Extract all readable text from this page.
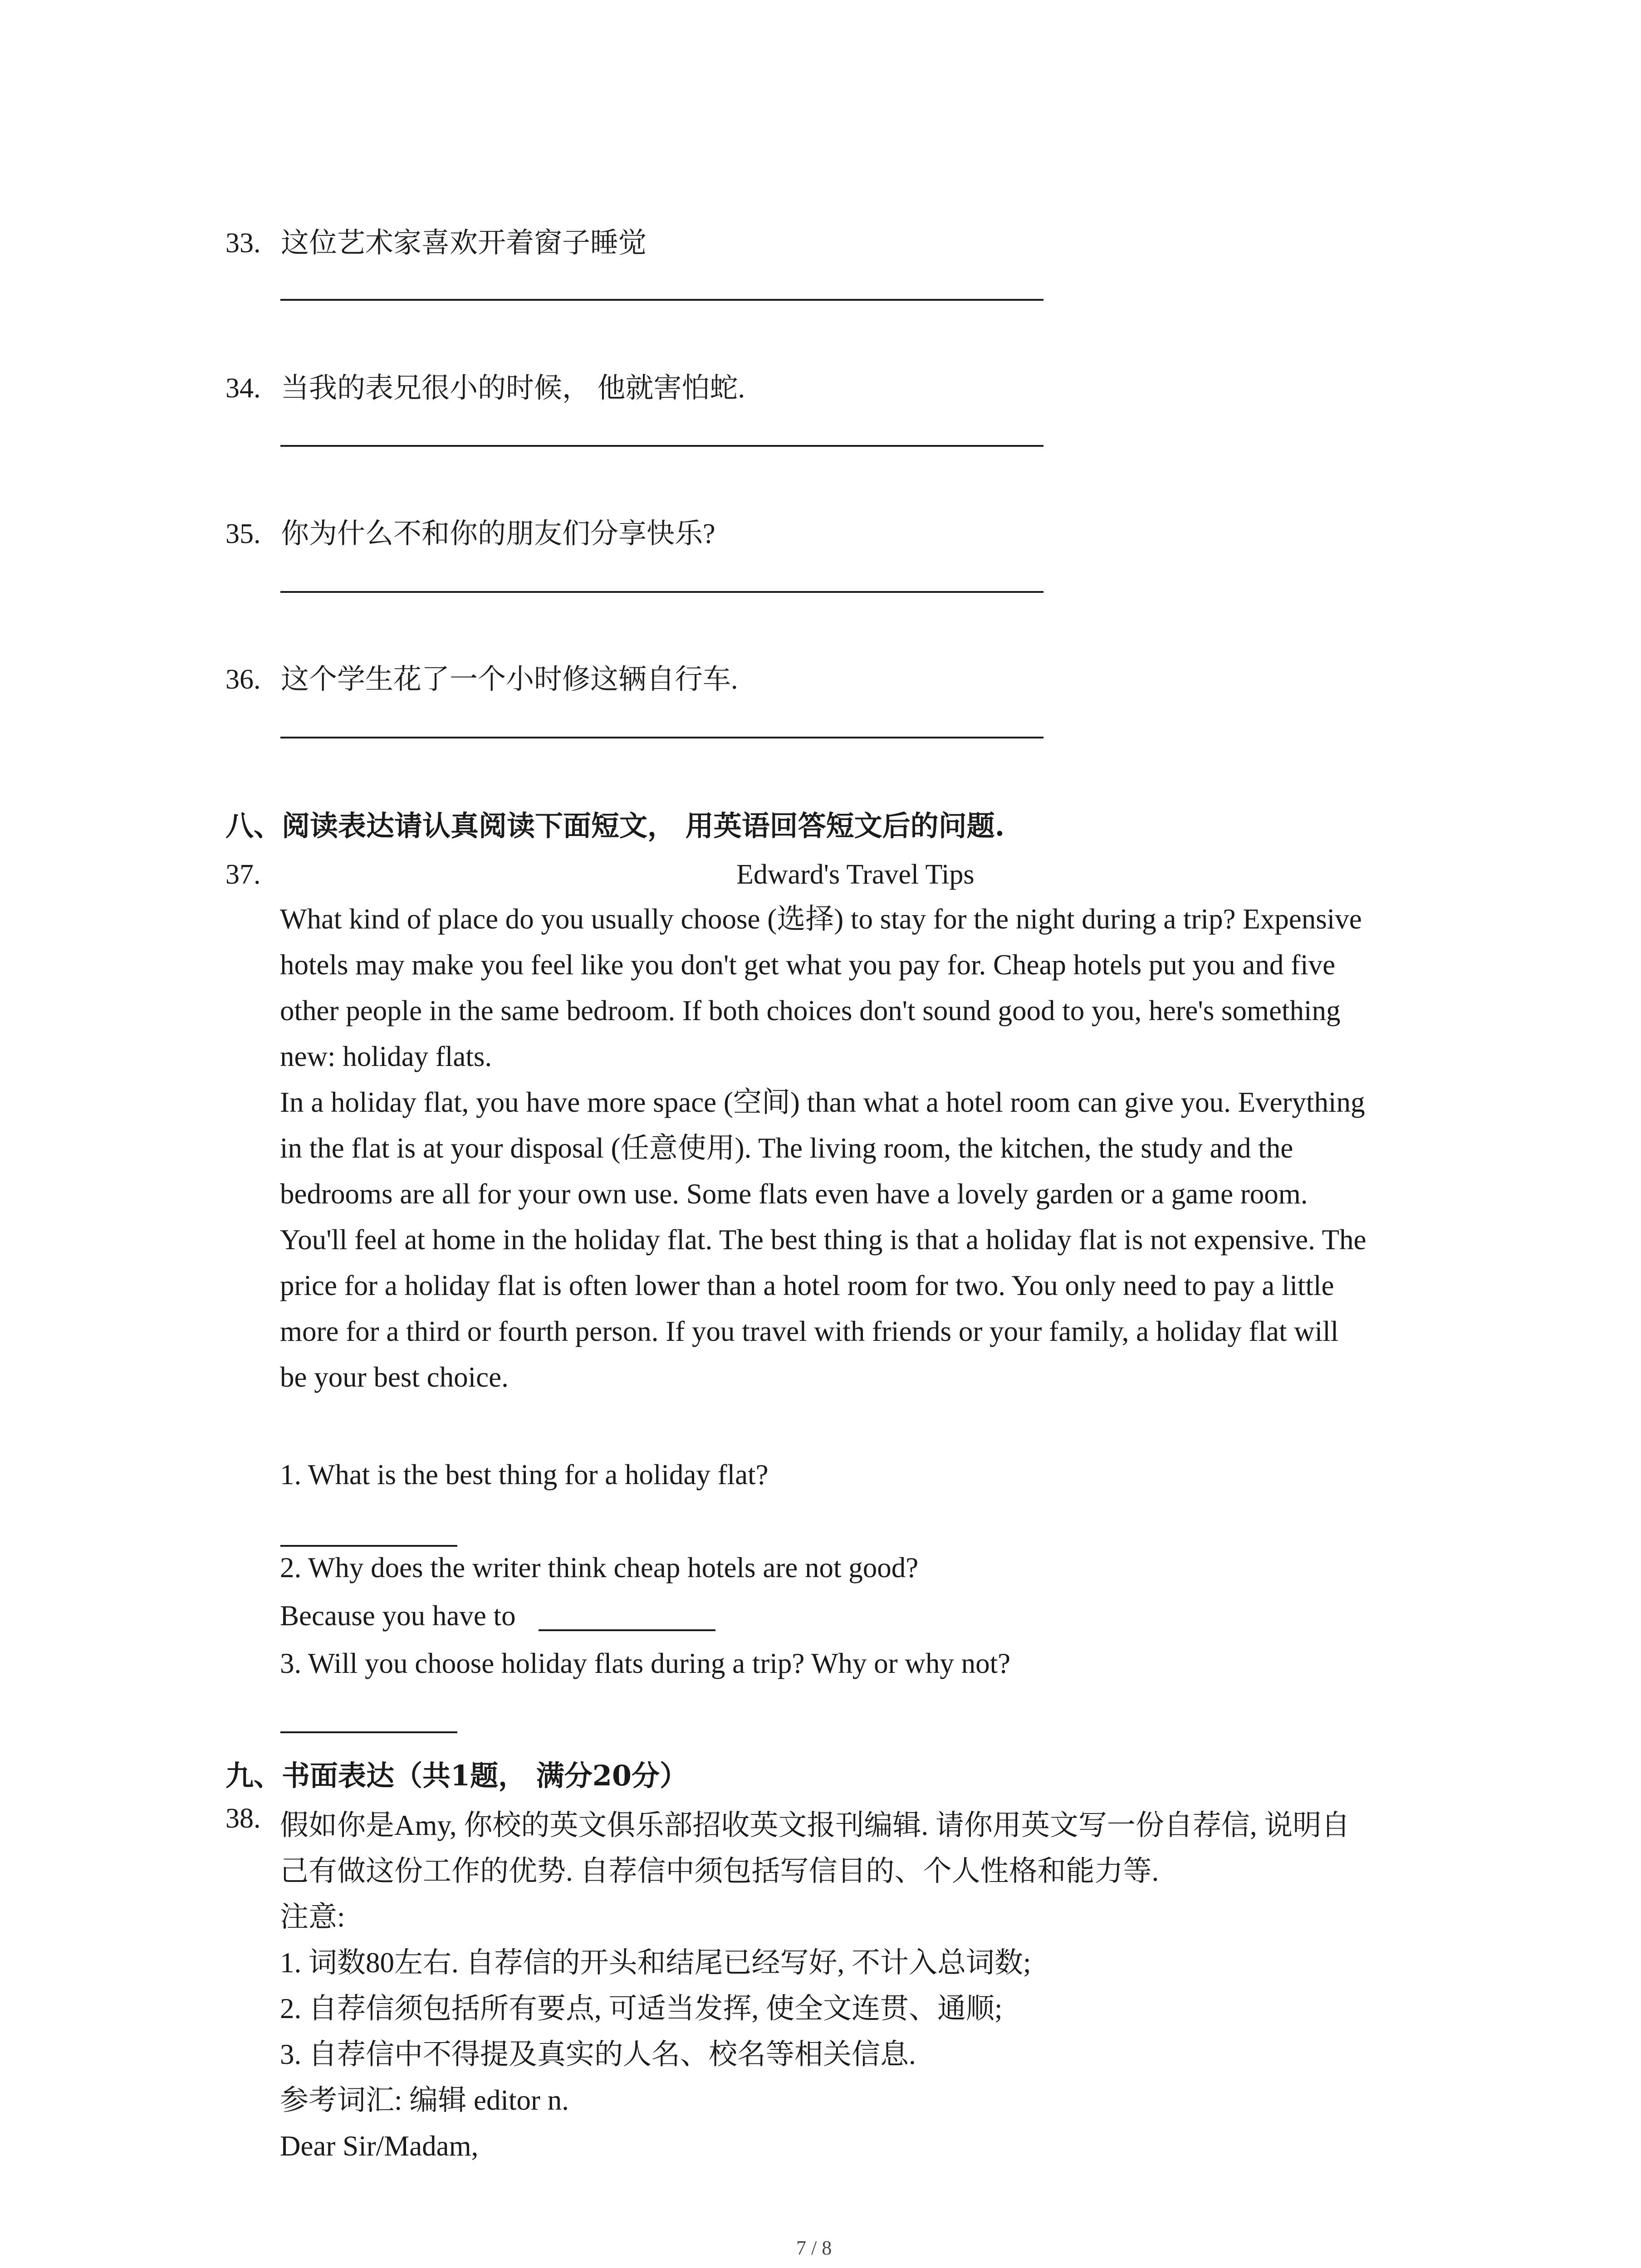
33. 这位艺术家喜欢开着窗子睡觉
34. 当我的表兄很小的时候， 他就害怕蛇.
35. 你为什么不和你的朋友们分享快乐?
36. 这个学生花了一个小时修这辆自行车.
八、阅读表达请认真阅读下面短文， 用英语回答短文后的问题.
37.	Edward's Travel Tips
What kind of place do you usually choose (选择) to stay for the night during a trip? Expensive
hotels may make you feel like you don't get what you pay for. Cheap hotels put you and five
other people in the same bedroom. If both choices don't sound good to you, here's something
new: holiday flats.
In a holiday flat, you have more space (空间) than what a hotel room can give you. Everything
in the flat is at your disposal (任意使用). The living room, the kitchen, the study and the
bedrooms are all for your own use. Some flats even have a lovely garden or a game room.
You'll feel at home in the holiday flat. The best thing is that a holiday flat is not expensive. The
price for a holiday flat is often lower than a hotel room for two. You only need to pay a little
more for a third or fourth person. If you travel with friends or your family, a holiday flat will
be your best choice.
1. What is the best thing for a holiday flat?
2. Why does the writer think cheap hotels are not good?
Because you have to
3. Will you choose holiday flats during a trip? Why or why not?
九、书面表达（共1题， 满分20分）
38. 假如你是Amy, 你校的英文俱乐部招收英文报刊编辑. 请你用英文写一份自荐信, 说明自
己有做这份工作的优势. 自荐信中须包括写信目的、个人性格和能力等.
注意:
1. 词数80左右. 自荐信的开头和结尾已经写好, 不计入总词数;
2. 自荐信须包括所有要点, 可适当发挥, 使全文连贯、通顺;
3. 自荐信中不得提及真实的人名、校名等相关信息.
参考词汇: 编辑 editor n.
Dear Sir/Madam,
7 / 8
